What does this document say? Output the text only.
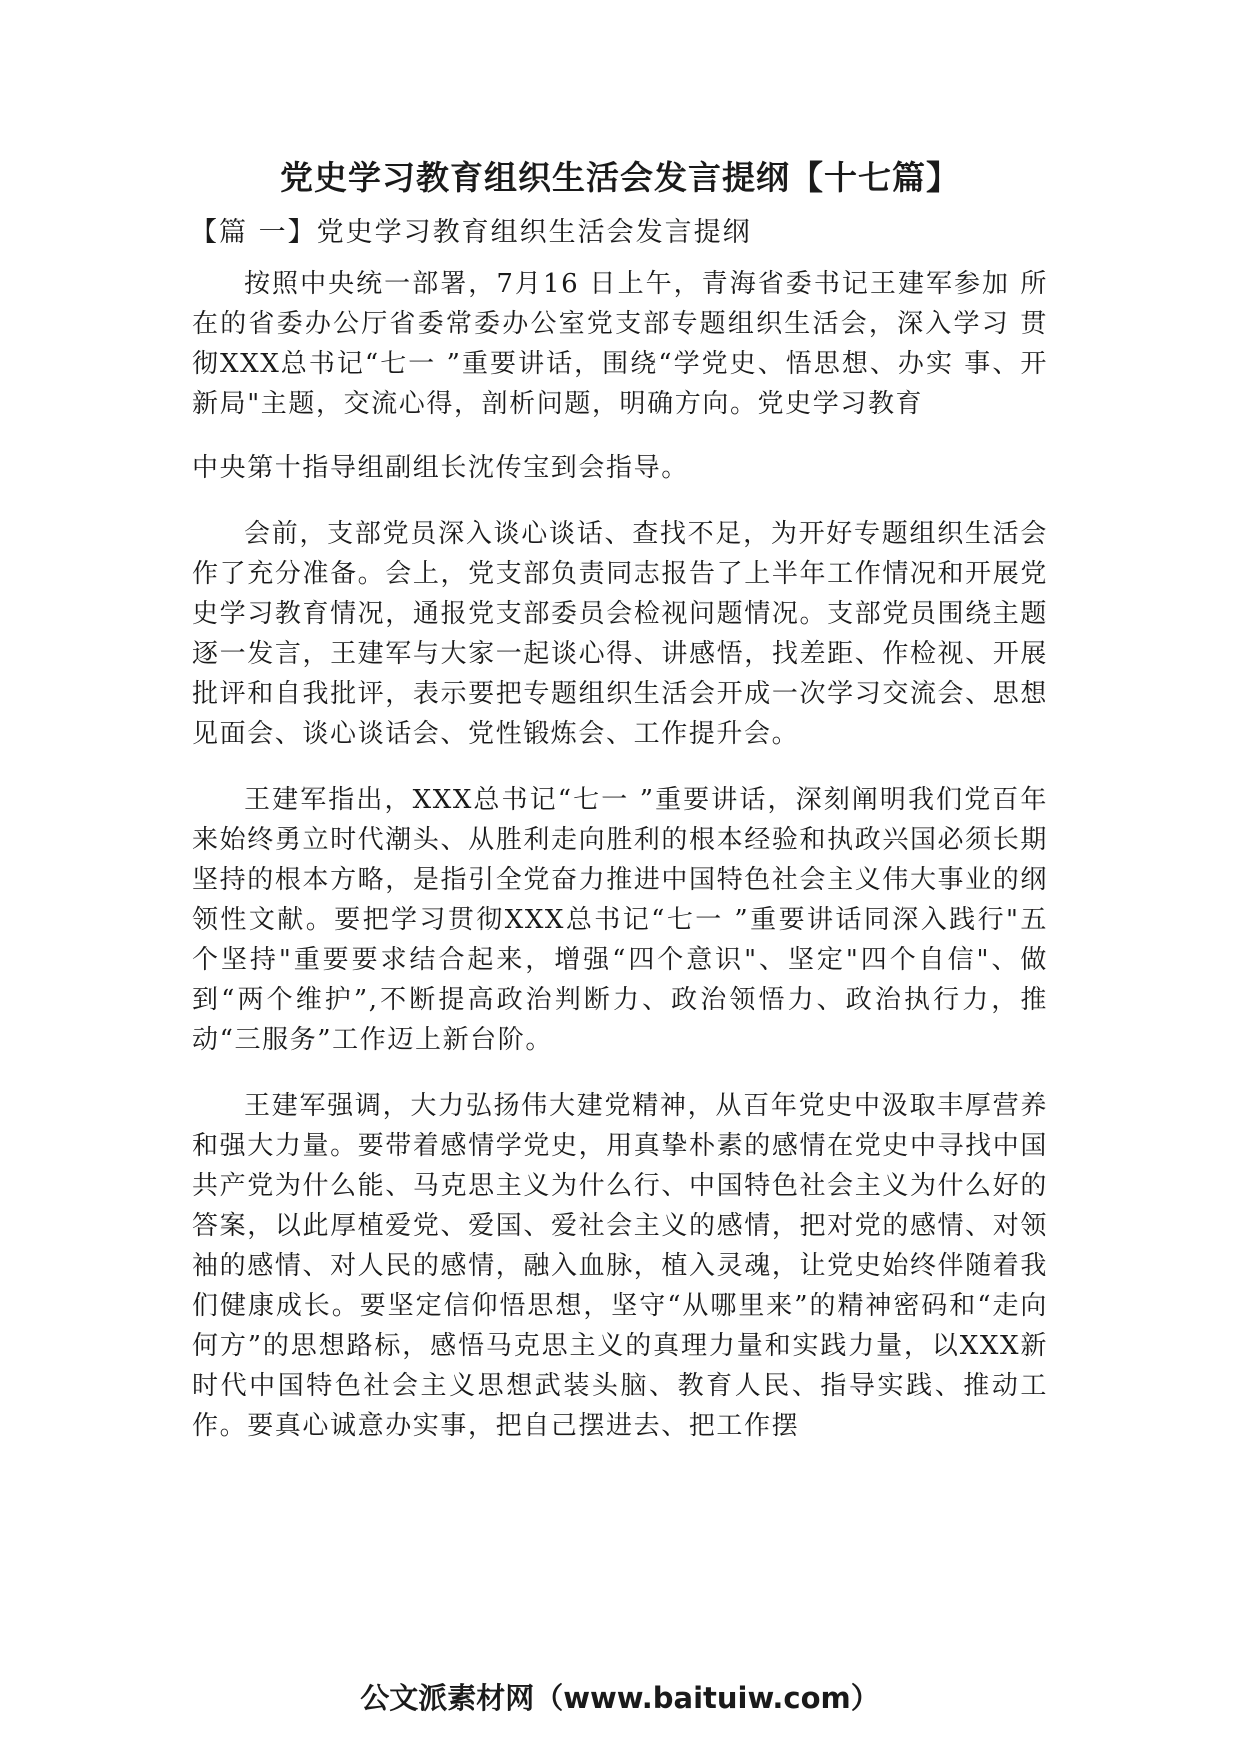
党史学习教育组织生活会发言提纲【十七篇】

【篇 一】党史学习教育组织生活会发言提纲

按照中央统一部署，7月16 日上午，青海省委书记王建军参加 所在的省委办公厅省委常委办公室党支部专题组织生活会，深入学习 贯彻XXX总书记“七一 ”重要讲话，围绕“学党史、悟思想、办实 事、开新局"主题，交流心得，剖析问题，明确方向。党史学习教育

中央第十指导组副组长沈传宝到会指导。

会前，支部党员深入谈心谈话、查找不足，为开好专题组织生活会作了充分准备。会上，党支部负责同志报告了上半年工作情况和开展党史学习教育情况，通报党支部委员会检视问题情况。支部党员围绕主题逐一发言，王建军与大家一起谈心得、讲感悟，找差距、作检视、开展批评和自我批评，表示要把专题组织生活会开成一次学习交流会、思想见面会、谈心谈话会、党性锻炼会、工作提升会。

王建军指出，XXX总书记“七一 ”重要讲话，深刻阐明我们党百年来始终勇立时代潮头、从胜利走向胜利的根本经验和执政兴国必须长期坚持的根本方略，是指引全党奋力推进中国特色社会主义伟大事业的纲领性文献。要把学习贯彻XXX总书记“七一 ”重要讲话同深入践行"五个坚持"重要要求结合起来，增强“四个意识"、坚定"四个自信"、做到“两个维护”,不断提高政治判断力、政治领悟力、政治执行力，推动“三服务”工作迈上新台阶。

王建军强调，大力弘扬伟大建党精神，从百年党史中汲取丰厚营养和强大力量。要带着感情学党史，用真挚朴素的感情在党史中寻找中国共产党为什么能、马克思主义为什么行、中国特色社会主义为什么好的答案，以此厚植爱党、爱国、爱社会主义的感情，把对党的感情、对领袖的感情、对人民的感情，融入血脉，植入灵魂，让党史始终伴随着我们健康成长。要坚定信仰悟思想，坚守“从哪里来”的精神密码和“走向何方”的思想路标，感悟马克思主义的真理力量和实践力量，以XXX新时代中国特色社会主义思想武装头脑、教育人民、指导实践、推动工作。要真心诚意办实事，把自己摆进去、把工作摆

公文派素材网（www.baituiw.com）
